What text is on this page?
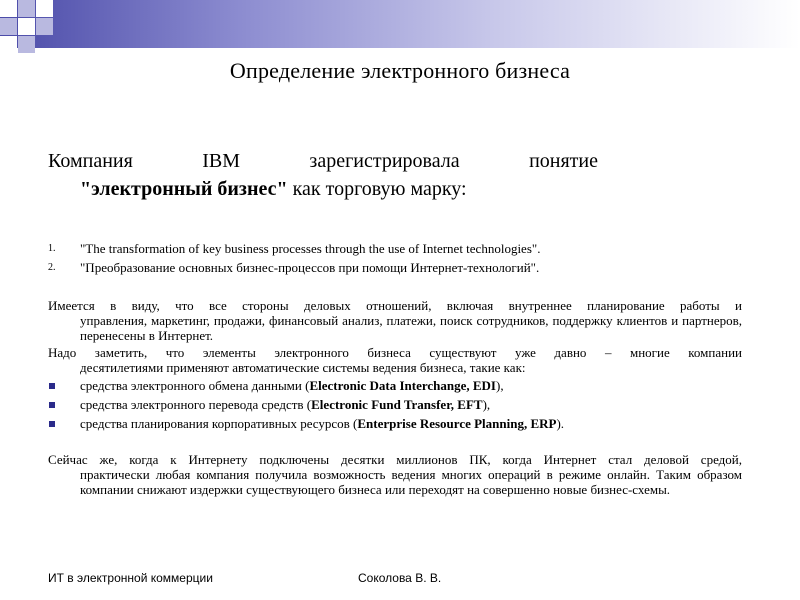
Определение электронного бизнеса

Компания IBM зарегистрировала понятие

"электронный бизнес" как торговую марку:

1. "The transformation of key business processes through the use of Internet technologies".
2. "Преобразование основных бизнес-процессов при помощи Интернет-технологий".
Имеется в виду, что все стороны деловых отношений, включая внутреннее планирование работы и
управления, маркетинг, продажи, финансовый анализ, платежи, поиск сотрудников, поддержку клиентов и партнеров, перенесены в Интернет.
Надо заметить, что элементы электронного бизнеса существуют уже давно – многие компании
десятилетиями применяют автоматические системы ведения бизнеса, такие как:
средства электронного обмена данными (Electronic Data Interchange, EDI),
средства электронного перевода средств (Electronic Fund Transfer, EFT),
средства планирования корпоративных ресурсов (Enterprise Resource Planning, ERP).
Сейчас же, когда к Интернету подключены десятки миллионов ПК, когда Интернет стал деловой средой,
практически любая компания получила возможность ведения многих операций в режиме онлайн. Таким образом компании снижают издержки существующего бизнеса или переходят на совершенно новые бизнес-схемы.
ИТ в электронной коммерции	Соколова В. В.
